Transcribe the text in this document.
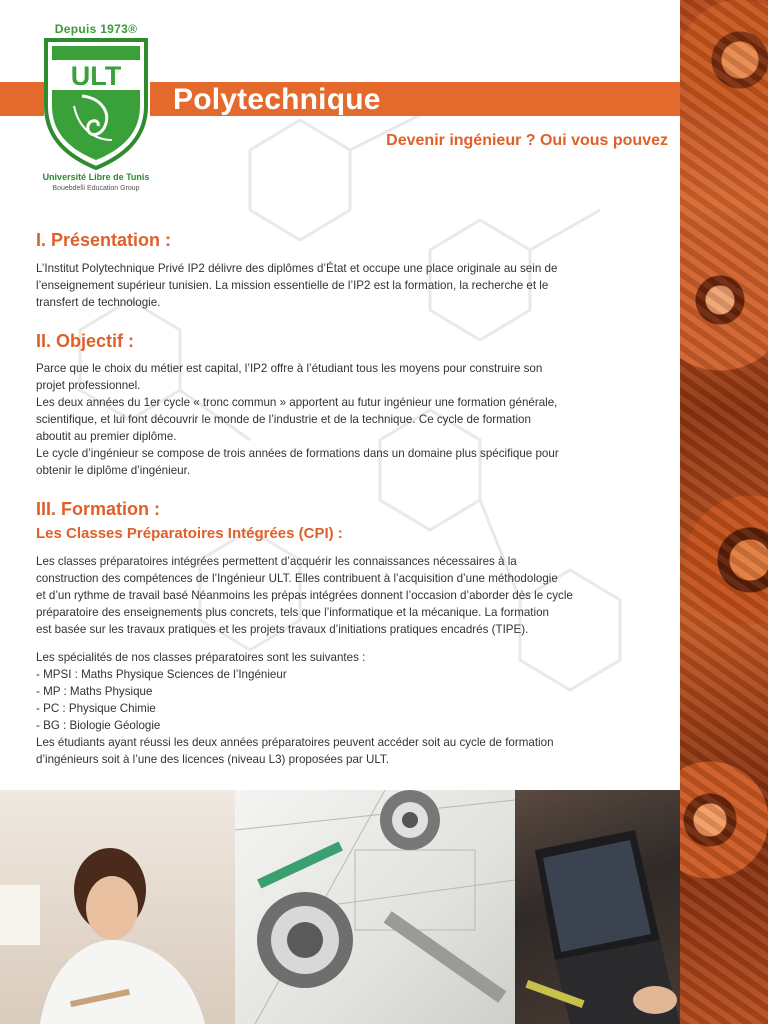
Polytechnique
Devenir ingénieur ? Oui vous pouvez
Depuis 1973®
ULT
Université Libre de Tunis
Bouebdelli Education Group
I. Présentation :

L’Institut Polytechnique Privé IP2 délivre des diplômes d’État et occupe une place originale au sein de
l’enseignement supérieur tunisien. La mission essentielle de l’IP2 est la formation, la recherche et le
transfert de technologie.

II. Objectif :

Parce que le choix du métier est capital, l’IP2 offre à l’étudiant tous les moyens pour construire son
projet professionnel.
Les deux années du 1er cycle « tronc commun » apportent au futur ingénieur une formation générale,
scientifique, et lui font découvrir le monde de l’industrie et de la technique. Ce cycle de formation
aboutit au premier diplôme.
Le cycle d’ingénieur se compose de trois années de formations dans un domaine plus spécifique pour
obtenir le diplôme d’ingénieur.

III. Formation :
Les Classes Préparatoires Intégrées (CPI) :

Les classes préparatoires intégrées permettent d’acquérir les connaissances nécessaires à la
construction des compétences de l’Ingénieur ULT. Elles contribuent à l’acquisition d’une méthodologie
et d’un rythme de travail basé Néanmoins les prépas intégrées donnent l’occasion d’aborder dès le cycle
préparatoire des enseignements plus concrets, tels que l’informatique et la mécanique. La formation
est basée sur les travaux pratiques et les projets travaux d’initiations pratiques encadrés (TIPE).

Les spécialités de nos classes préparatoires sont les suivantes :
- MPSI : Maths Physique Sciences de l’Ingénieur
- MP : Maths Physique
- PC : Physique Chimie
- BG : Biologie Géologie
Les étudiants ayant réussi les deux années préparatoires peuvent accéder soit au cycle de formation
d’ingénieurs soit à l’une des licences (niveau L3) proposées par ULT.
